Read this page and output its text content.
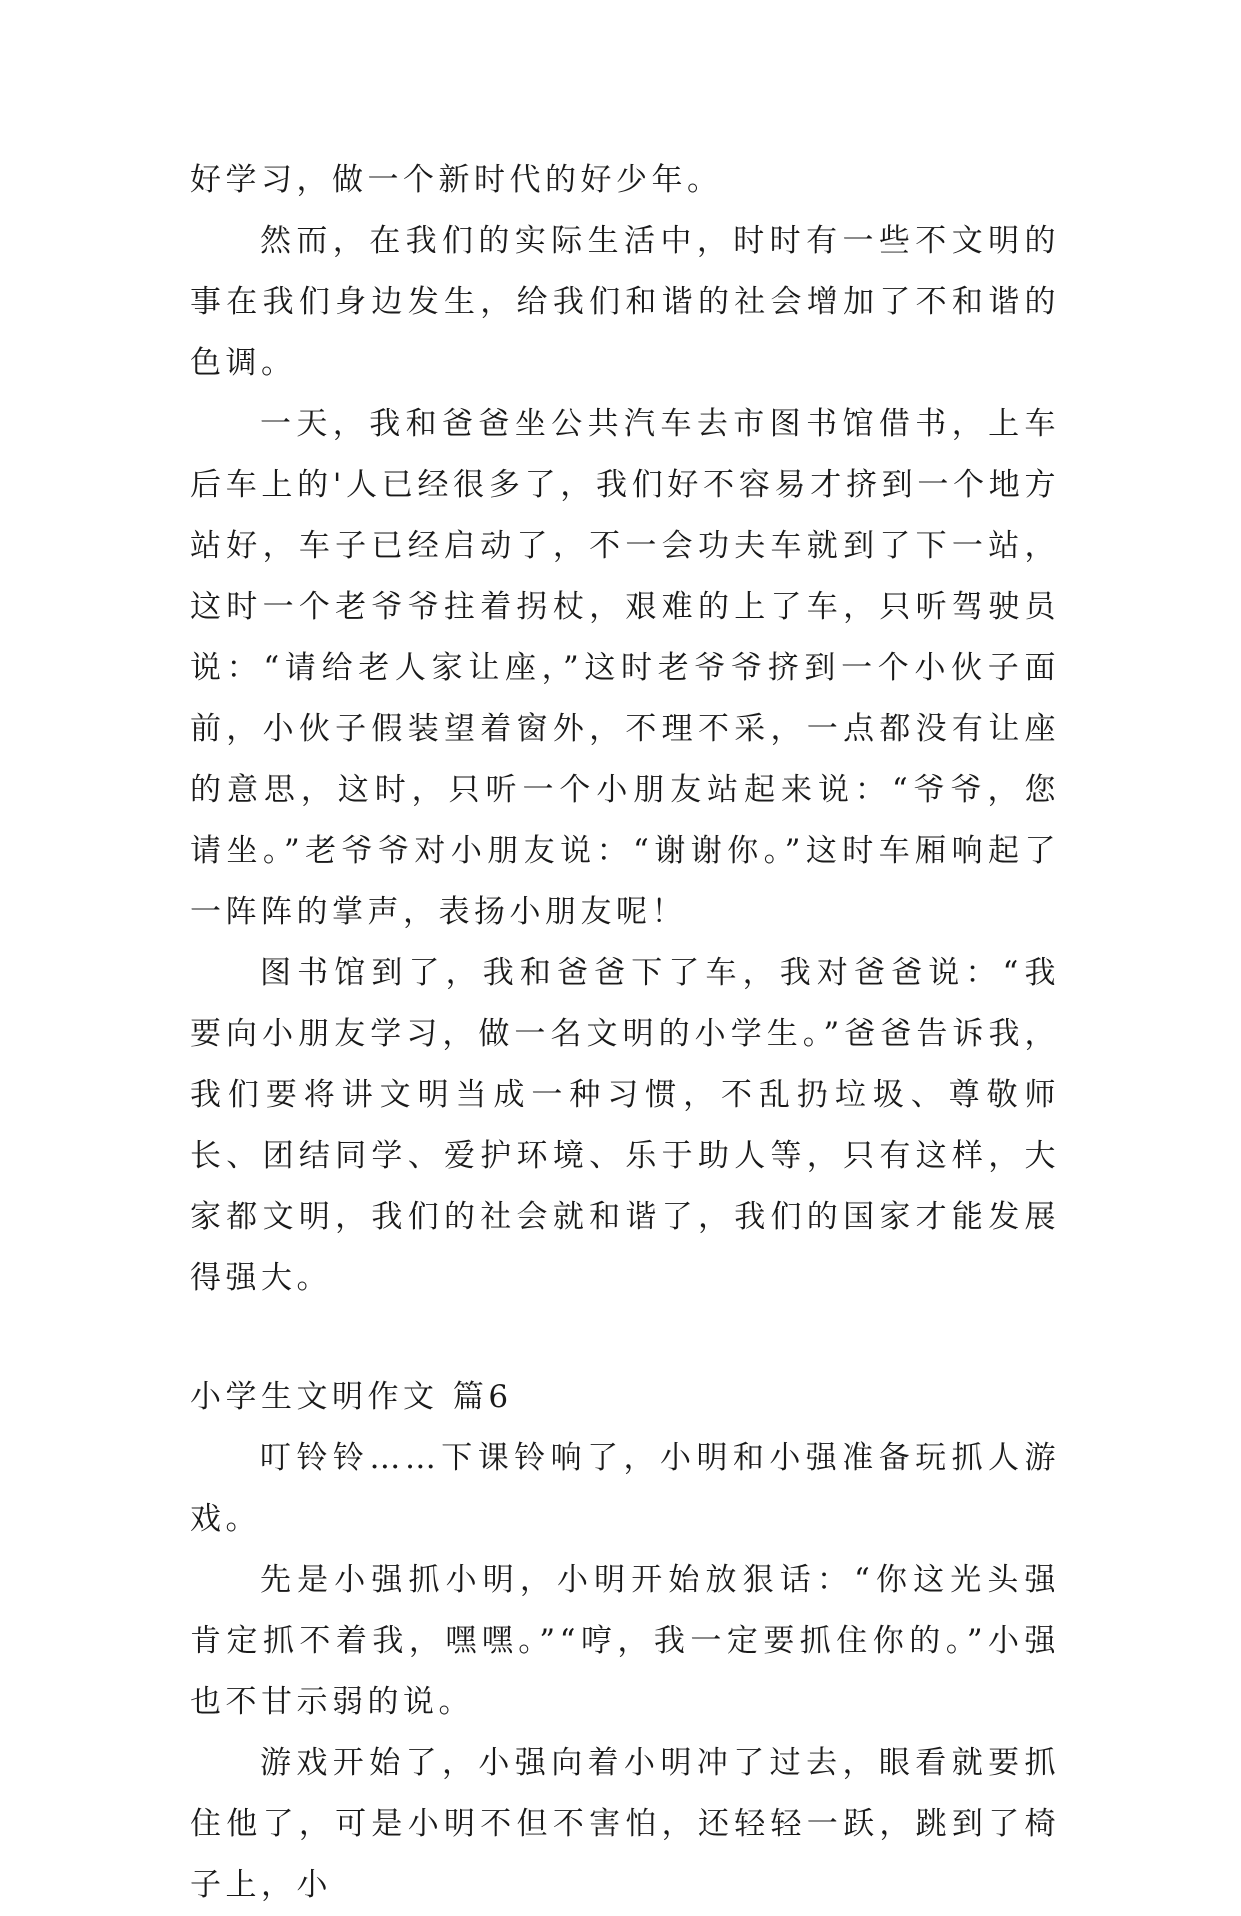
好学习，做一个新时代的好少年。

然而，在我们的实际生活中，时时有一些不文明的事在我们身边发生，给我们和谐的社会增加了不和谐的色调。

一天，我和爸爸坐公共汽车去市图书馆借书，上车后车上的'人已经很多了，我们好不容易才挤到一个地方站好，车子已经启动了，不一会功夫车就到了下一站，这时一个老爷爷拄着拐杖，艰难的上了车，只听驾驶员说：“请给老人家让座，”这时老爷爷挤到一个小伙子面前，小伙子假装望着窗外，不理不采，一点都没有让座的意思，这时，只听一个小朋友站起来说：“爷爷，您请坐。”老爷爷对小朋友说：“谢谢你。”这时车厢响起了一阵阵的掌声，表扬小朋友呢！

图书馆到了，我和爸爸下了车，我对爸爸说：“我要向小朋友学习，做一名文明的小学生。”爸爸告诉我，我们要将讲文明当成一种习惯，不乱扔垃圾、尊敬师长、团结同学、爱护环境、乐于助人等，只有这样，大家都文明，我们的社会就和谐了，我们的国家才能发展得强大。

小学生文明作文 篇6

叮铃铃……下课铃响了，小明和小强准备玩抓人游戏。

先是小强抓小明，小明开始放狠话：“你这光头强肯定抓不着我，嘿嘿。”“哼，我一定要抓住你的。”小强也不甘示弱的说。

游戏开始了，小强向着小明冲了过去，眼看就要抓住他了，可是小明不但不害怕，还轻轻一跃，跳到了椅子上，小
